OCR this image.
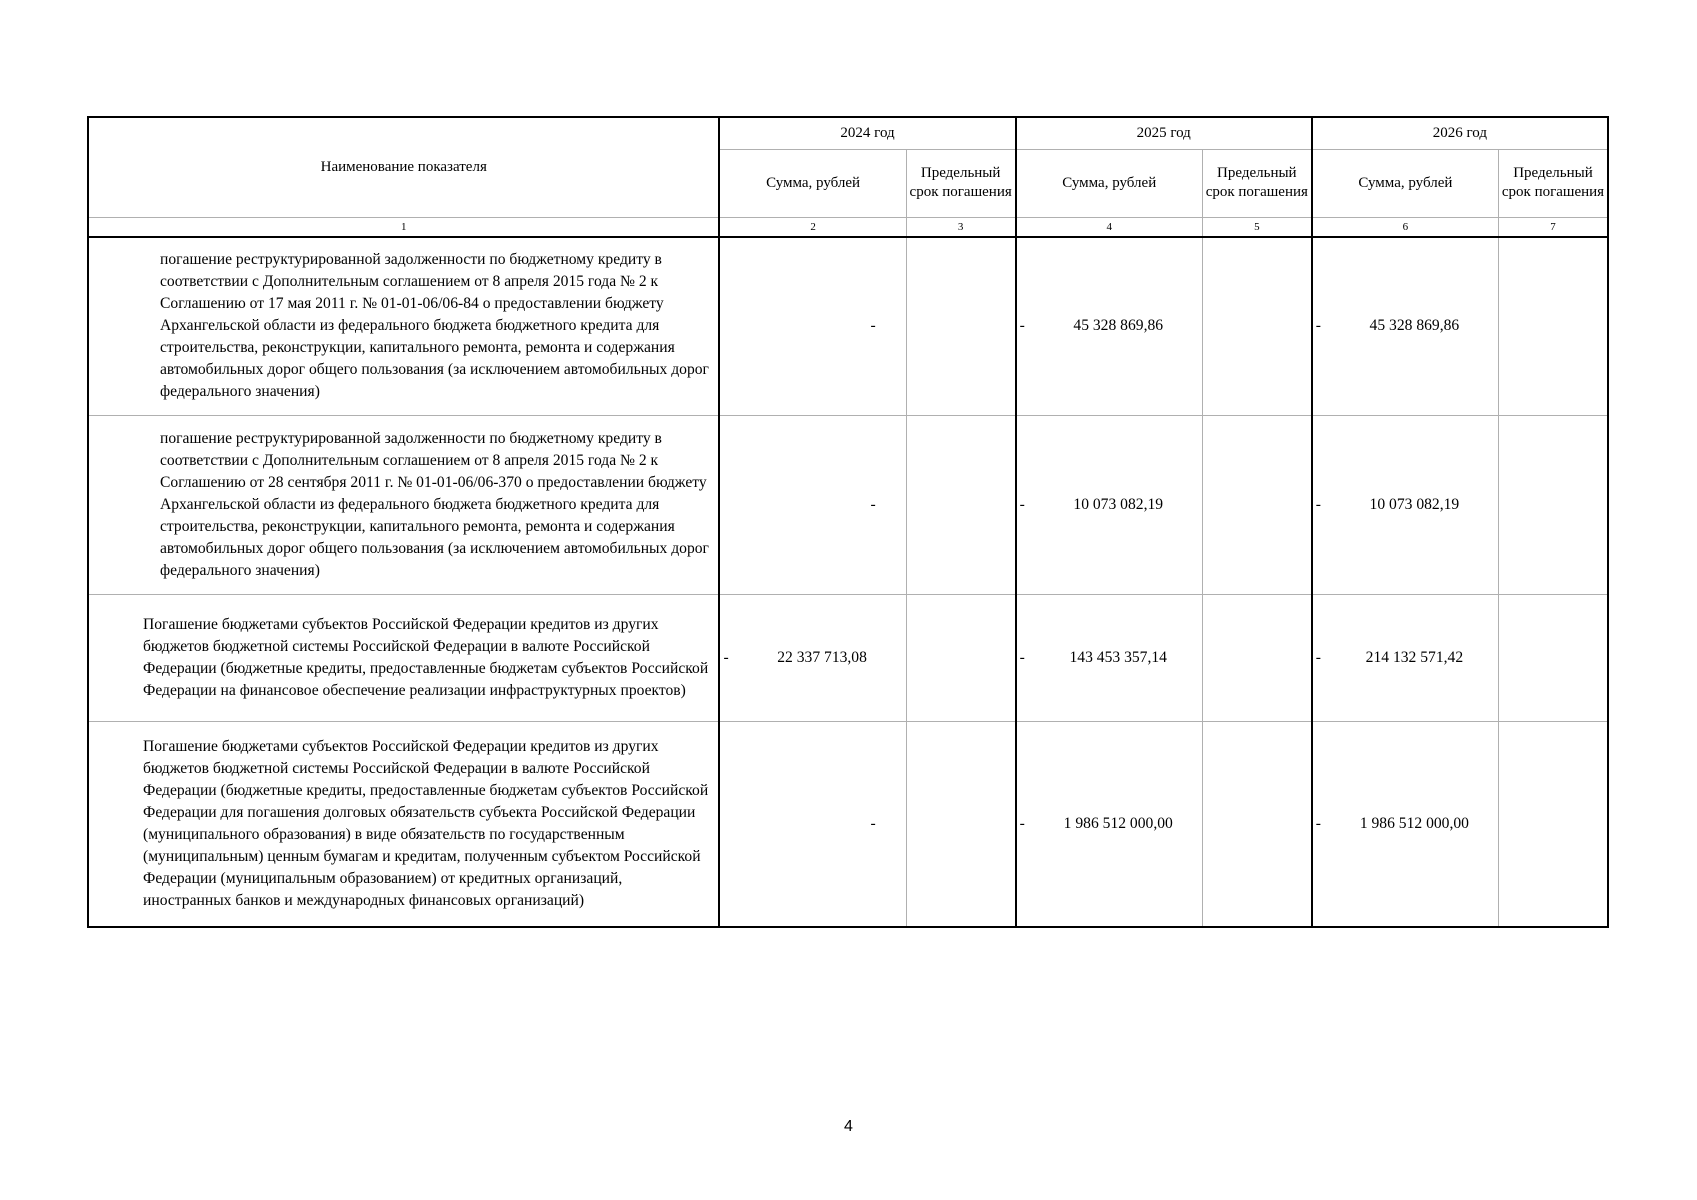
Наименование показателя	2024 год		2025 год		2026 год	
	Сумма, рублей	Предельный срок погашения	Сумма, рублей	Предельный срок погашения	Сумма, рублей	Предельный срок погашения
1	2	3	4	5	6	7
погашение реструктурированной задолженности по бюджетному кредиту в соответствии с Дополнительным соглашением от 8 апреля 2015 года № 2 к Соглашению от 17 мая 2011 г. № 01-01-06/06-84 о предоставлении бюджету Архангельской области из федерального бюджета бюджетного кредита для строительства, реконструкции, капитального ремонта, ремонта и содержания автомобильных дорог общего пользования (за исключением автомобильных дорог федерального значения)	-		- 45 328 869,86		- 45 328 869,86	

погашение реструктурированной задолженности по бюджетному кредиту в соответствии с Дополнительным соглашением от 8 апреля 2015 года № 2 к Соглашению от 28 сентября 2011 г. № 01-01-06/06-370 о предоставлении бюджету Архангельской области из федерального бюджета бюджетного кредита для строительства, реконструкции, капитального ремонта, ремонта и содержания автомобильных дорог общего пользования (за исключением автомобильных дорог федерального значения)	-		- 10 073 082,19		- 10 073 082,19	

Погашение бюджетами субъектов Российской Федерации кредитов из других бюджетов бюджетной системы Российской Федерации в валюте Российской Федерации (бюджетные кредиты, предоставленные бюджетам субъектов Российской Федерации на финансовое обеспечение реализации инфраструктурных проектов)	- 22 337 713,08		- 143 453 357,14		- 214 132 571,42	

Погашение бюджетами субъектов Российской Федерации кредитов из других бюджетов бюджетной системы Российской Федерации в валюте Российской Федерации (бюджетные кредиты, предоставленные бюджетам субъектов Российской Федерации для погашения долговых обязательств субъекта Российской Федерации (муниципального образования) в виде обязательств по государственным (муниципальным) ценным бумагам и кредитам, полученным субъектом Российской Федерации (муниципальным образованием) от кредитных организаций, иностранных банков и международных финансовых организаций)	-		- 1 986 512 000,00		- 1 986 512 000,00	

4
